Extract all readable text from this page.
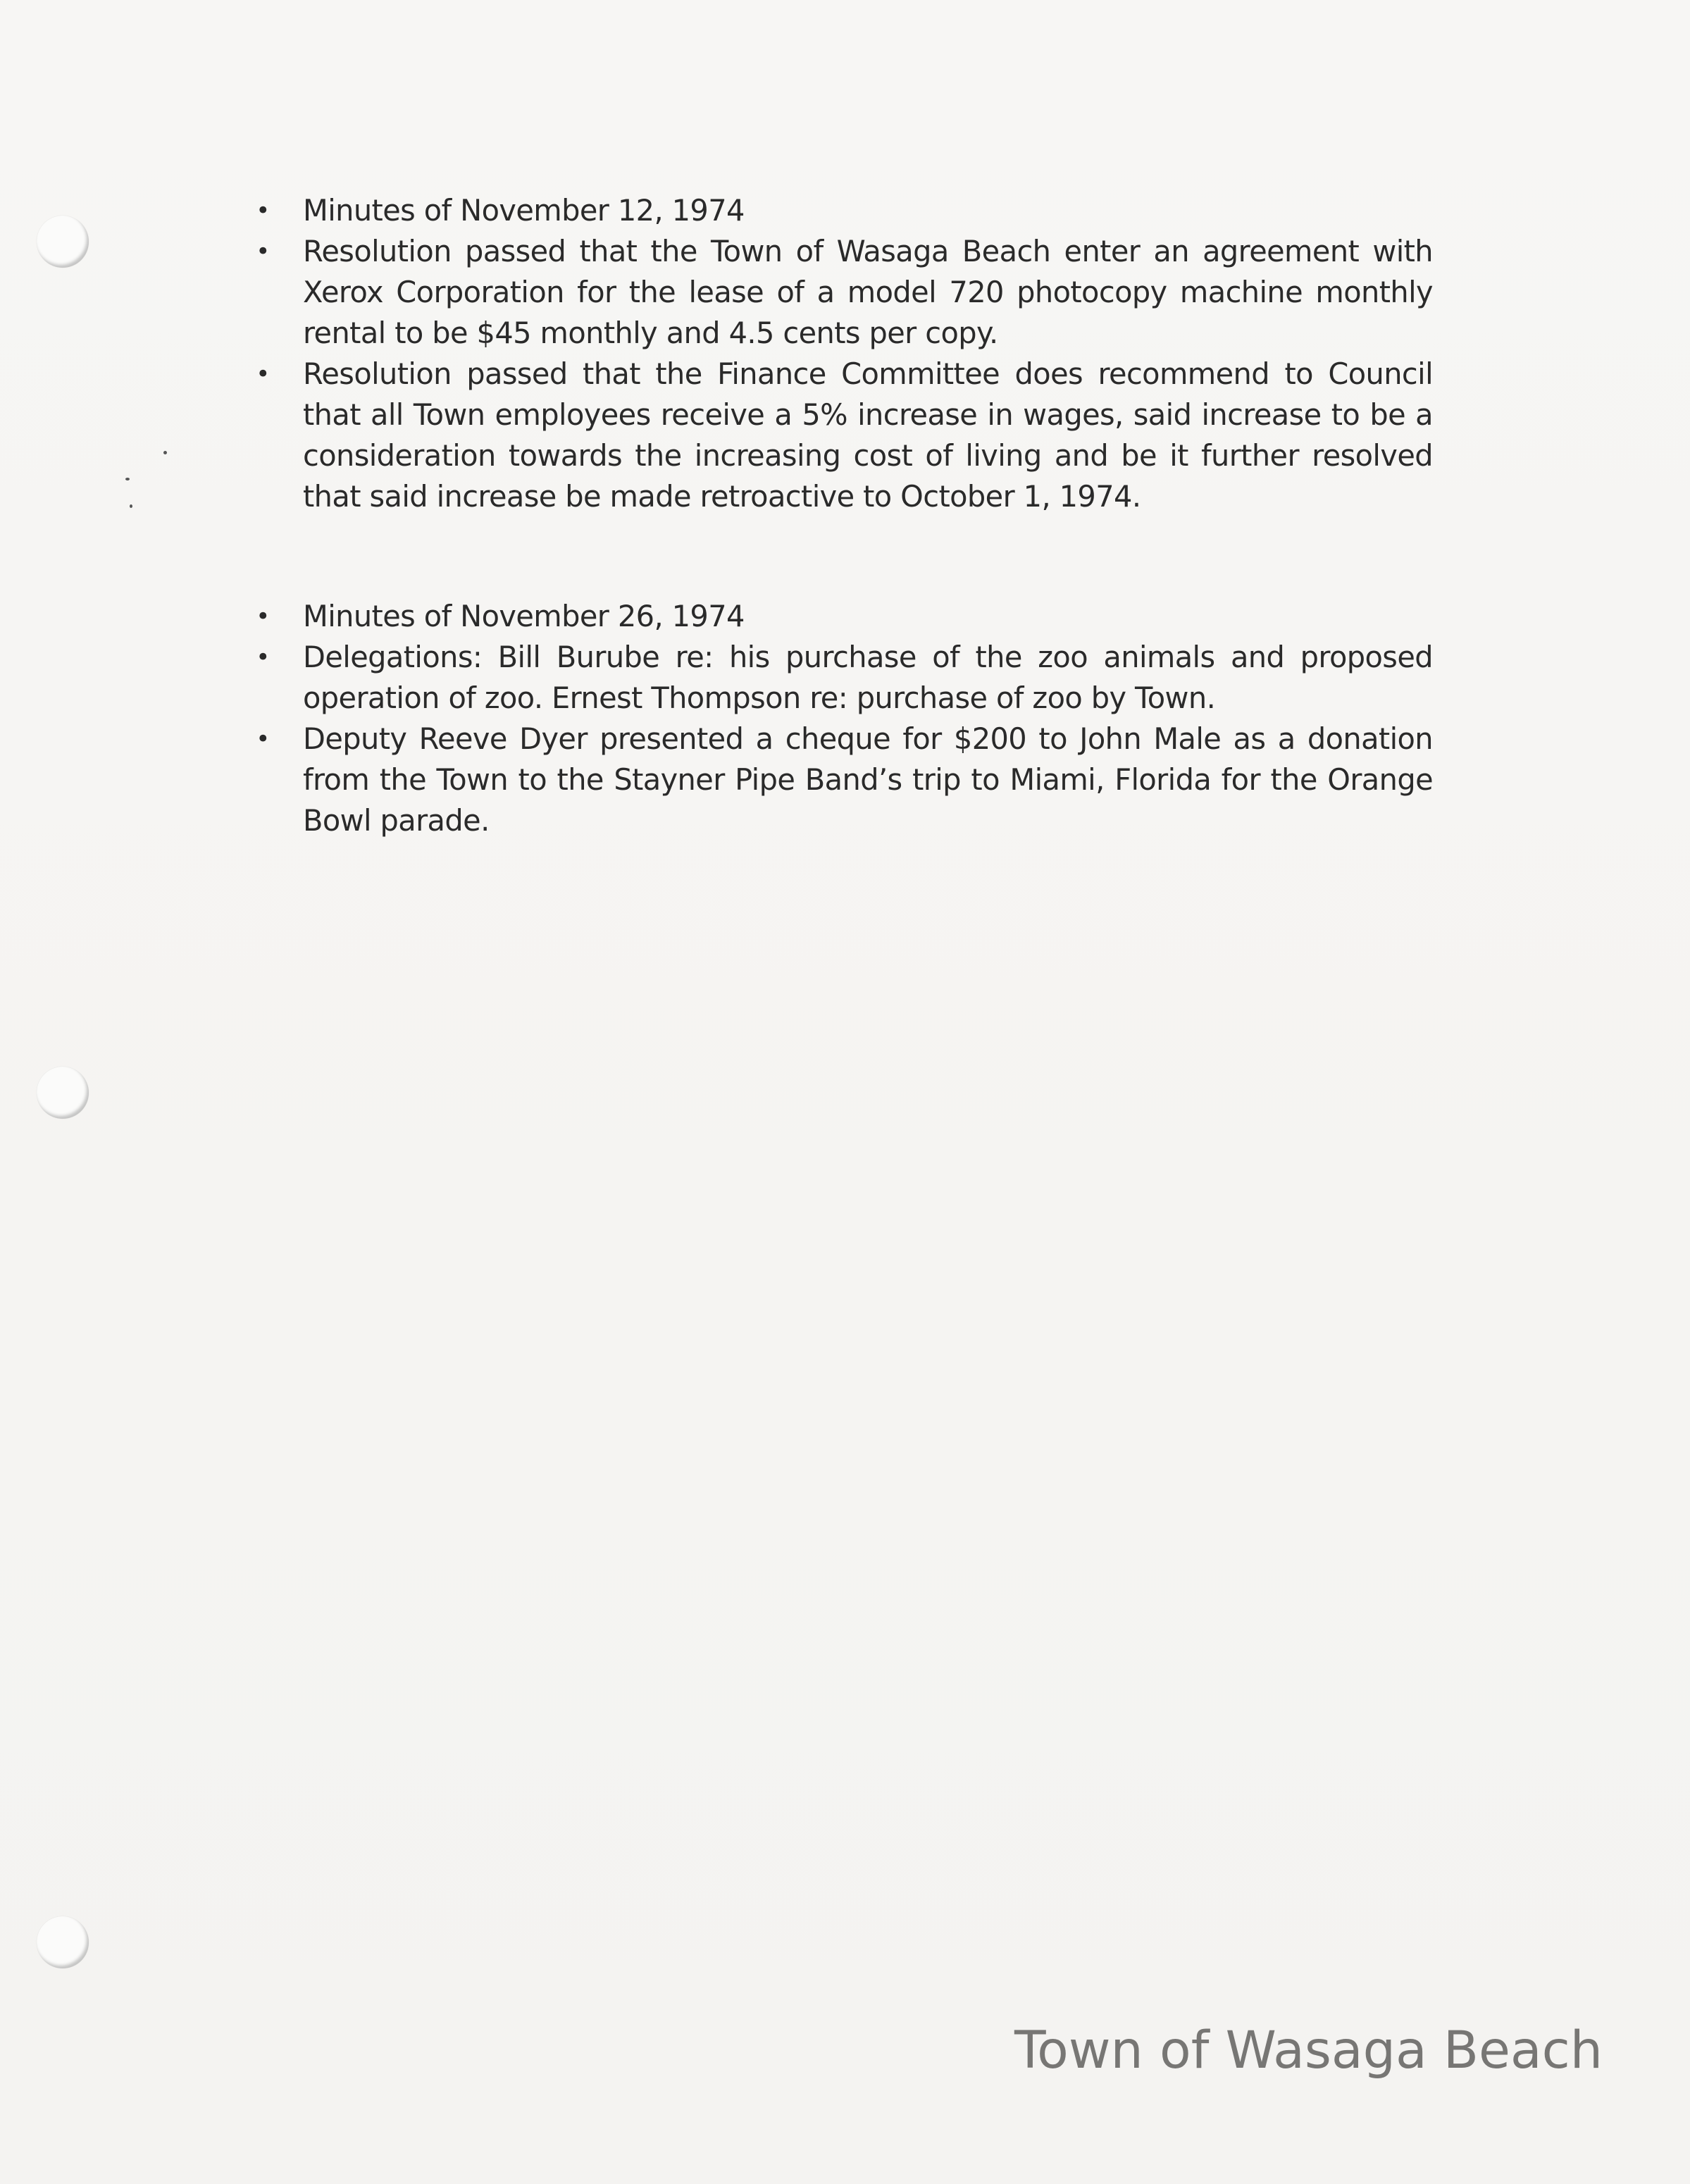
• Minutes of November 12, 1974
• Resolution passed that the Town of Wasaga Beach enter an agreement with Xerox Corporation for the lease of a model 720 photocopy machine monthly rental to be $45 monthly and 4.5 cents per copy.
• Resolution passed that the Finance Committee does recommend to Council that all Town employees receive a 5% increase in wages, said increase to be a consideration towards the increasing cost of living and be it further resolved that said increase be made retroactive to October 1, 1974.
• Minutes of November 26, 1974
• Delegations: Bill Burube re: his purchase of the zoo animals and proposed operation of zoo. Ernest Thompson re: purchase of zoo by Town.
• Deputy Reeve Dyer presented a cheque for $200 to John Male as a donation from the Town to the Stayner Pipe Band’s trip to Miami, Florida for the Orange Bowl parade.
Town of Wasaga Beach
